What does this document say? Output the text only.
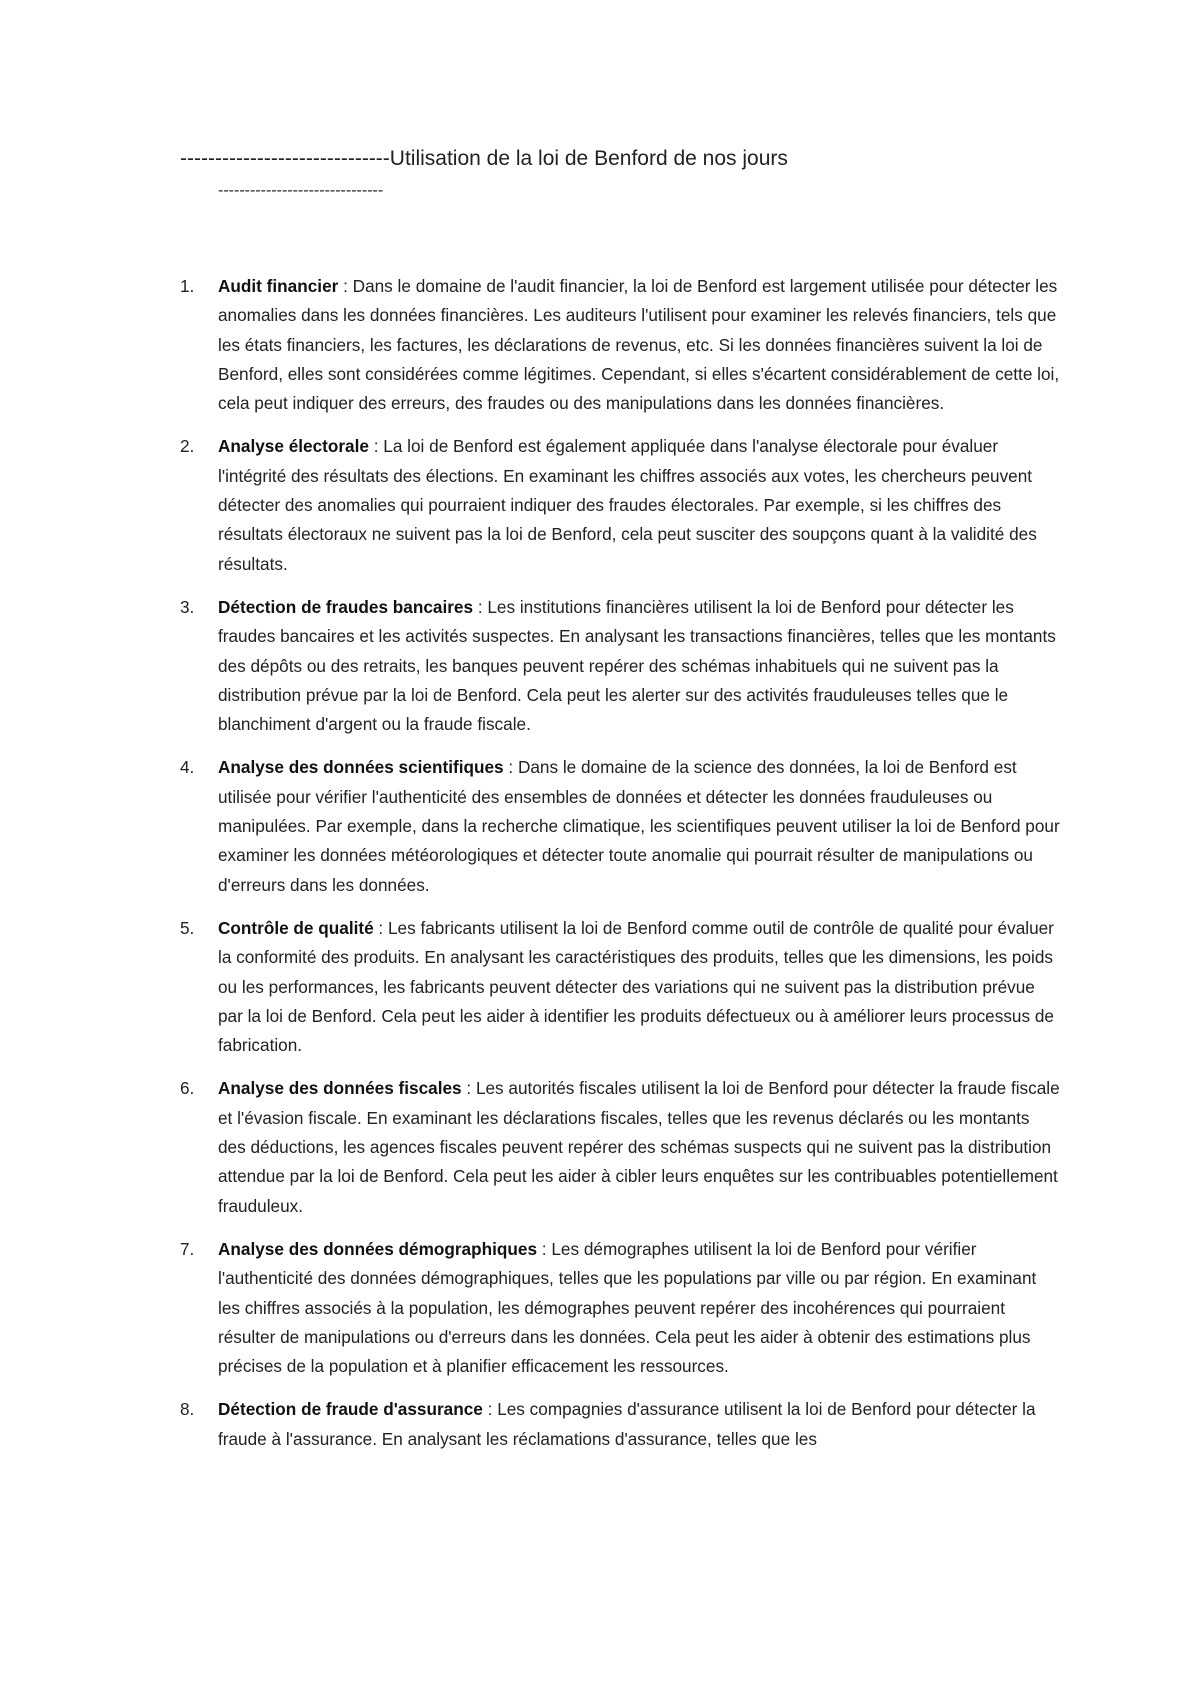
------------------------------Utilisation de la loi de Benford de nos jours
-------------------------------
1. Audit financier : Dans le domaine de l'audit financier, la loi de Benford est largement utilisée pour détecter les anomalies dans les données financières. Les auditeurs l'utilisent pour examiner les relevés financiers, tels que les états financiers, les factures, les déclarations de revenus, etc. Si les données financières suivent la loi de Benford, elles sont considérées comme légitimes. Cependant, si elles s'écartent considérablement de cette loi, cela peut indiquer des erreurs, des fraudes ou des manipulations dans les données financières.
2. Analyse électorale : La loi de Benford est également appliquée dans l'analyse électorale pour évaluer l'intégrité des résultats des élections. En examinant les chiffres associés aux votes, les chercheurs peuvent détecter des anomalies qui pourraient indiquer des fraudes électorales. Par exemple, si les chiffres des résultats électoraux ne suivent pas la loi de Benford, cela peut susciter des soupçons quant à la validité des résultats.
3. Détection de fraudes bancaires : Les institutions financières utilisent la loi de Benford pour détecter les fraudes bancaires et les activités suspectes. En analysant les transactions financières, telles que les montants des dépôts ou des retraits, les banques peuvent repérer des schémas inhabituels qui ne suivent pas la distribution prévue par la loi de Benford. Cela peut les alerter sur des activités frauduleuses telles que le blanchiment d'argent ou la fraude fiscale.
4. Analyse des données scientifiques : Dans le domaine de la science des données, la loi de Benford est utilisée pour vérifier l'authenticité des ensembles de données et détecter les données frauduleuses ou manipulées. Par exemple, dans la recherche climatique, les scientifiques peuvent utiliser la loi de Benford pour examiner les données météorologiques et détecter toute anomalie qui pourrait résulter de manipulations ou d'erreurs dans les données.
5. Contrôle de qualité : Les fabricants utilisent la loi de Benford comme outil de contrôle de qualité pour évaluer la conformité des produits. En analysant les caractéristiques des produits, telles que les dimensions, les poids ou les performances, les fabricants peuvent détecter des variations qui ne suivent pas la distribution prévue par la loi de Benford. Cela peut les aider à identifier les produits défectueux ou à améliorer leurs processus de fabrication.
6. Analyse des données fiscales : Les autorités fiscales utilisent la loi de Benford pour détecter la fraude fiscale et l'évasion fiscale. En examinant les déclarations fiscales, telles que les revenus déclarés ou les montants des déductions, les agences fiscales peuvent repérer des schémas suspects qui ne suivent pas la distribution attendue par la loi de Benford. Cela peut les aider à cibler leurs enquêtes sur les contribuables potentiellement frauduleux.
7. Analyse des données démographiques : Les démographes utilisent la loi de Benford pour vérifier l'authenticité des données démographiques, telles que les populations par ville ou par région. En examinant les chiffres associés à la population, les démographes peuvent repérer des incohérences qui pourraient résulter de manipulations ou d'erreurs dans les données. Cela peut les aider à obtenir des estimations plus précises de la population et à planifier efficacement les ressources.
8. Détection de fraude d'assurance : Les compagnies d'assurance utilisent la loi de Benford pour détecter la fraude à l'assurance. En analysant les réclamations d'assurance, telles que les
